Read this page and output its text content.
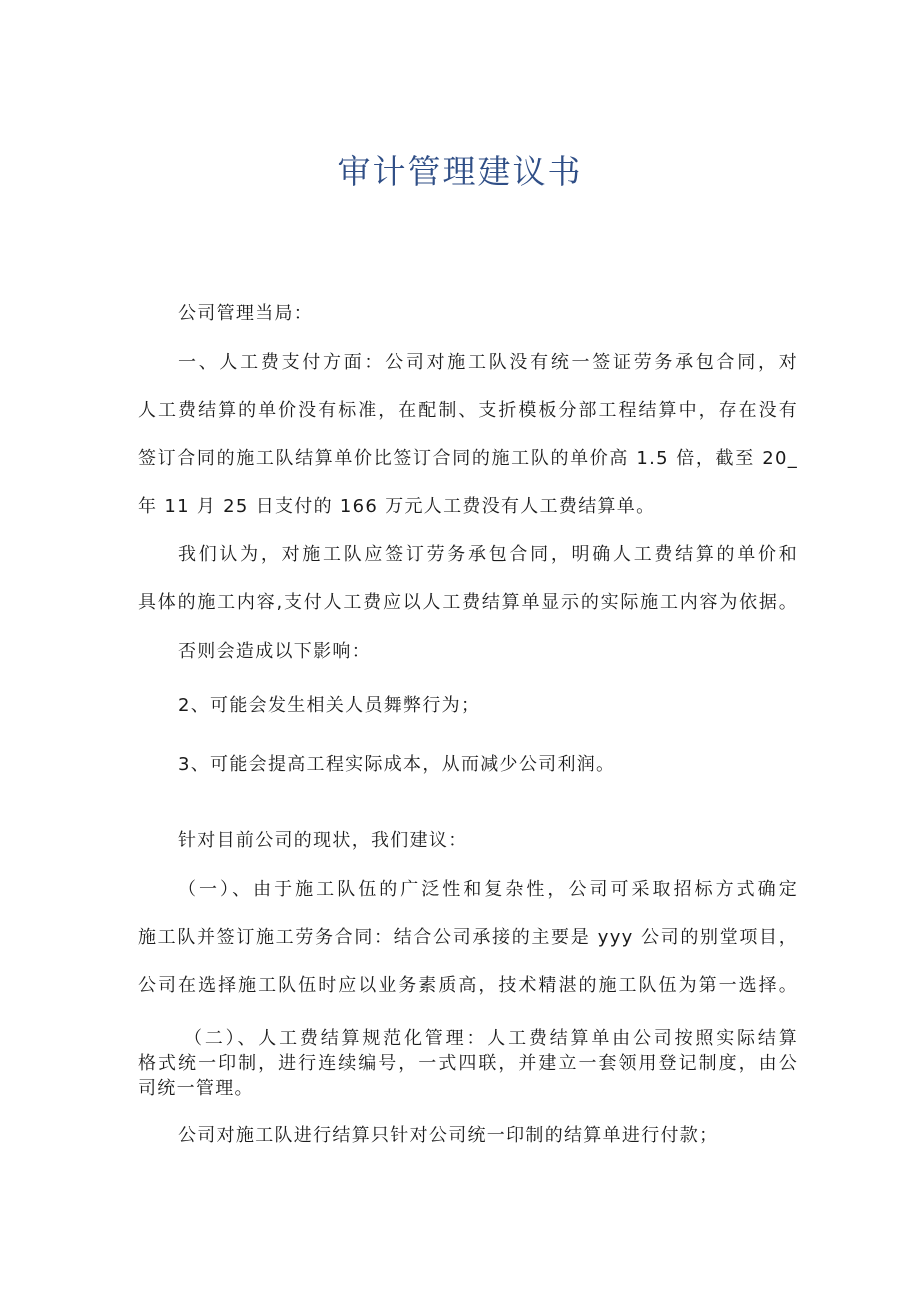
审计管理建议书
公司管理当局：
一、人工费支付方面：公司对施工队没有统一签证劳务承包合同，对
人工费结算的单价没有标准，在配制、支折模板分部工程结算中，存在没有
签订合同的施工队结算单价比签订合同的施工队的单价高 1.5 倍，截至 20_
年 11 月 25 日支付的 166 万元人工费没有人工费结算单。
我们认为，对施工队应签订劳务承包合同，明确人工费结算的单价和
具体的施工内容,支付人工费应以人工费结算单显示的实际施工内容为依据。
否则会造成以下影响：
2、可能会发生相关人员舞弊行为；
3、可能会提高工程实际成本，从而减少公司利润。
针对目前公司的现状，我们建议：
（一）、由于施工队伍的广泛性和复杂性，公司可采取招标方式确定
施工队并签订施工劳务合同：结合公司承接的主要是 yyy 公司的别堂项目，
公司在选择施工队伍时应以业务素质高，技术精湛的施工队伍为第一选择。
（二）、人工费结算规范化管理：人工费结算单由公司按照实际结算
格式统一印制，进行连续编号，一式四联，并建立一套领用登记制度，由公
司统一管理。
公司对施工队进行结算只针对公司统一印制的结算单进行付款；
